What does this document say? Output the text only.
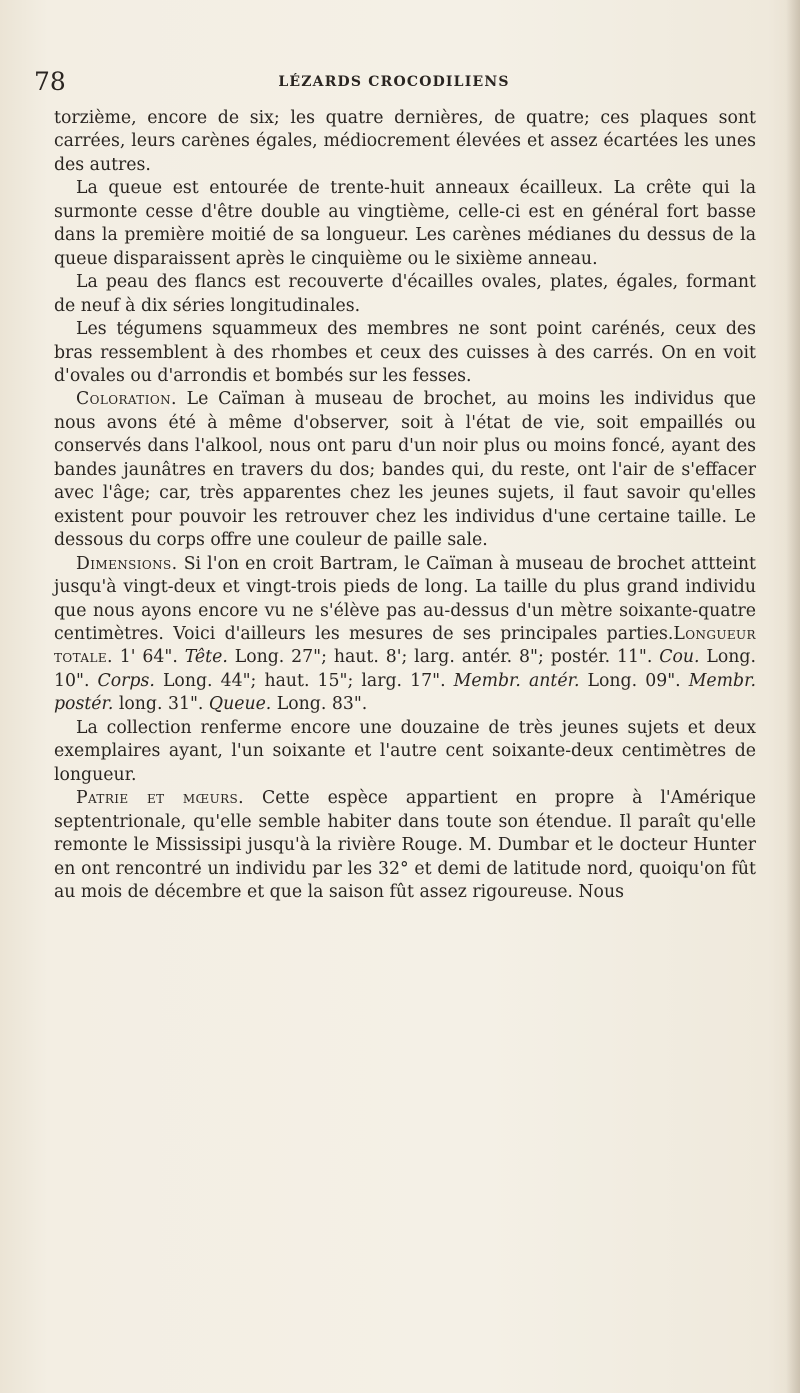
78	LÉZARDS CROCODILIENS

torzième, encore de six; les quatre dernières, de quatre; ces plaques sont carrées, leurs carènes égales, médiocrement élevées et assez écartées les unes des autres.

La queue est entourée de trente-huit anneaux écailleux. La crête qui la surmonte cesse d'être double au vingtième, celle-ci est en général fort basse dans la première moitié de sa longueur. Les carènes médianes du dessus de la queue disparaissent après le cinquième ou le sixième anneau.

La peau des flancs est recouverte d'écailles ovales, plates, égales, formant de neuf à dix séries longitudinales.

Les tégumens squammeux des membres ne sont point carénés, ceux des bras ressemblent à des rhombes et ceux des cuisses à des carrés. On en voit d'ovales ou d'arrondis et bombés sur les fesses.

Coloration. Le Caïman à museau de brochet, au moins les individus que nous avons été à même d'observer, soit à l'état de vie, soit empaillés ou conservés dans l'alkool, nous ont paru d'un noir plus ou moins foncé, ayant des bandes jaunâtres en travers du dos; bandes qui, du reste, ont l'air de s'effacer avec l'âge; car, très apparentes chez les jeunes sujets, il faut savoir qu'elles existent pour pouvoir les retrouver chez les individus d'une certaine taille. Le dessous du corps offre une couleur de paille sale.

Dimensions. Si l'on en croit Bartram, le Caïman à museau de brochet attteint jusqu'à vingt-deux et vingt-trois pieds de long. La taille du plus grand individu que nous ayons encore vu ne s'élève pas au-dessus d'un mètre soixante-quatre centimètres. Voici d'ailleurs les mesures de ses principales parties.Longueur totale. 1' 64". Tête. Long. 27"; haut. 8'; larg. antér. 8"; postér. 11". Cou. Long. 10". Corps. Long. 44"; haut. 15"; larg. 17". Membr. antér. Long. 09". Membr. postér. long. 31". Queue. Long. 83".

La collection renferme encore une douzaine de très jeunes sujets et deux exemplaires ayant, l'un soixante et l'autre cent soixante-deux centimètres de longueur.

Patrie et mœurs. Cette espèce appartient en propre à l'Amérique septentrionale, qu'elle semble habiter dans toute son étendue. Il paraît qu'elle remonte le Mississipi jusqu'à la rivière Rouge. M. Dumbar et le docteur Hunter en ont rencontré un individu par les 32° et demi de latitude nord, quoiqu'on fût au mois de décembre et que la saison fût assez rigoureuse. Nous
